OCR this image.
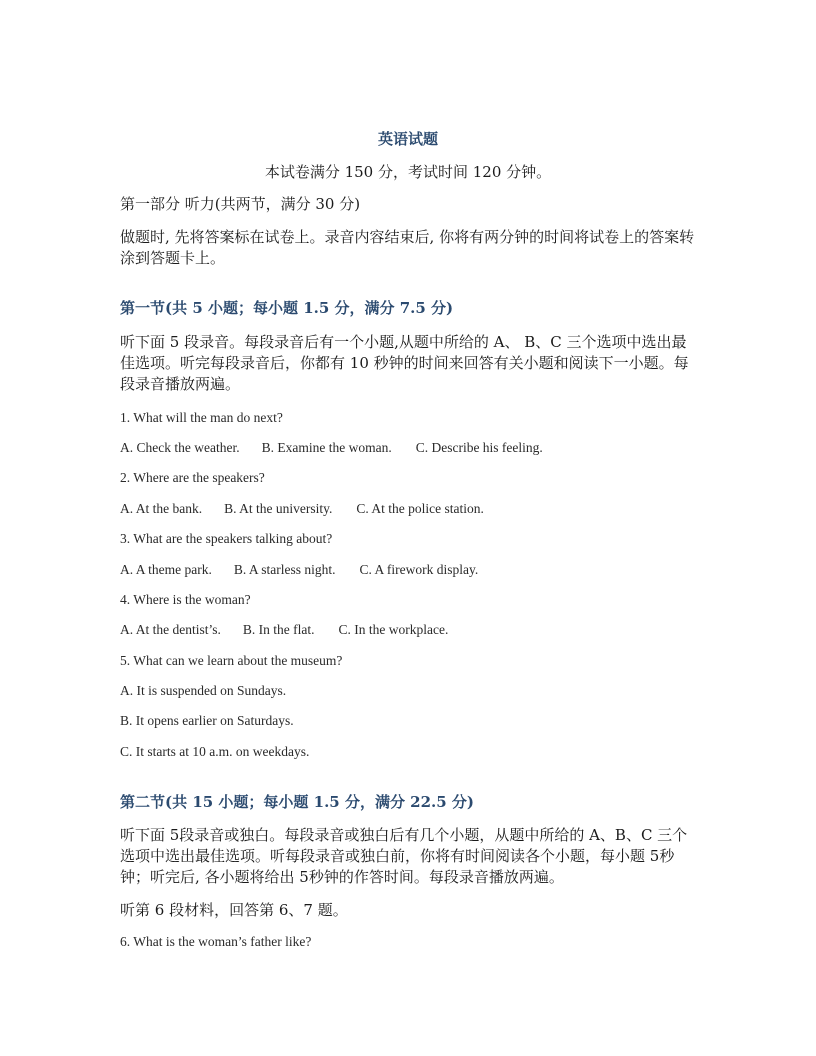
英语试题
本试卷满分 150 分，考试时间 120 分钟。
第一部分 听力(共两节，满分 30 分)
做题时, 先将答案标在试卷上。录音内容结束后, 你将有两分钟的时间将试卷上的答案转涂到答题卡上。
第一节(共 5 小题；每小题 1.5 分，满分 7.5 分)
听下面 5 段录音。每段录音后有一个小题,从题中所给的 A、 B、C 三个选项中选出最佳选项。听完每段录音后，你都有 10 秒钟的时间来回答有关小题和阅读下一小题。每段录音播放两遍。
1. What will the man do next?
A. Check the weather. B. Examine the woman. C. Describe his feeling.
2. Where are the speakers?
A. At the bank. B. At the university. C. At the police station.
3. What are the speakers talking about?
A. A theme park. B. A starless night. C. A firework display.
4. Where is the woman?
A. At the dentist’s. B. In the flat. C. In the workplace.
5. What can we learn about the museum?
A. It is suspended on Sundays.
B. It opens earlier on Saturdays.
C. It starts at 10 a.m. on weekdays.
第二节(共 15 小题；每小题 1.5 分，满分 22.5 分)
听下面 5段录音或独白。每段录音或独白后有几个小题，从题中所给的 A、B、C 三个选项中选出最佳选项。听每段录音或独白前，你将有时间阅读各个小题，每小题 5秒钟；听完后, 各小题将给出 5秒钟的作答时间。每段录音播放两遍。
听第 6 段材料，回答第 6、7 题。
6. What is the woman’s father like?
